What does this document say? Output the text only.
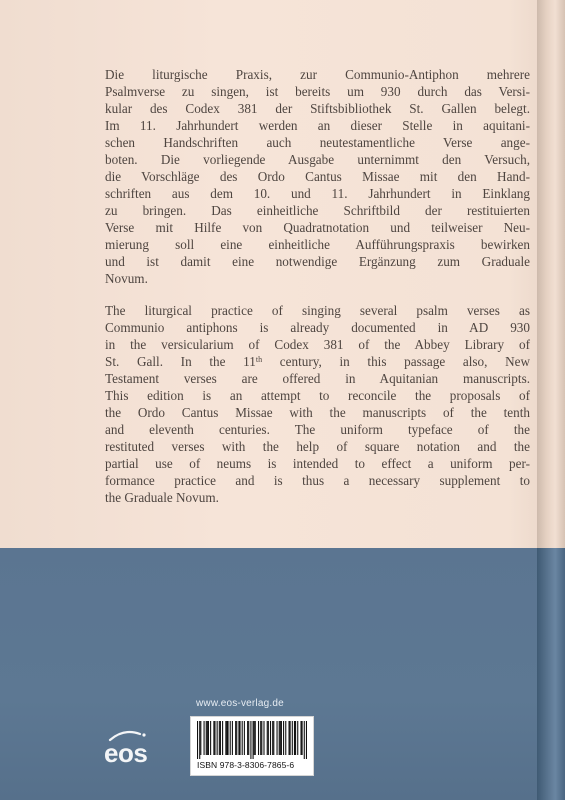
Die liturgische Praxis, zur Communio-Antiphon mehrere
Psalmverse zu singen, ist bereits um 930 durch das Versi-
kular des Codex 381 der Stiftsbibliothek St. Gallen belegt.
Im 11. Jahrhundert werden an dieser Stelle in aquitani-
schen Handschriften auch neutestamentliche Verse ange-
boten. Die vorliegende Ausgabe unternimmt den Versuch,
die Vorschläge des Ordo Cantus Missae mit den Hand-
schriften aus dem 10. und 11. Jahrhundert in Einklang
zu bringen. Das einheitliche Schriftbild der restituierten
Verse mit Hilfe von Quadratnotation und teilweiser Neu-
mierung soll eine einheitliche Aufführungspraxis bewirken
und ist damit eine notwendige Ergänzung zum Graduale
Novum.
The liturgical practice of singing several psalm verses as
Communio antiphons is already documented in AD 930
in the versicularium of Codex 381 of the Abbey Library of
St. Gall. In the 11th century, in this passage also, New
Testament verses are offered in Aquitanian manuscripts.
This edition is an attempt to reconcile the proposals of
the Ordo Cantus Missae with the manuscripts of the tenth
and eleventh centuries. The uniform typeface of the
restituted verses with the help of square notation and the
partial use of neums is intended to effect a uniform per-
formance practice and is thus a necessary supplement to
the Graduale Novum.
www.eos-verlag.de
eos	ISBN 978-3-8306-7865-6
